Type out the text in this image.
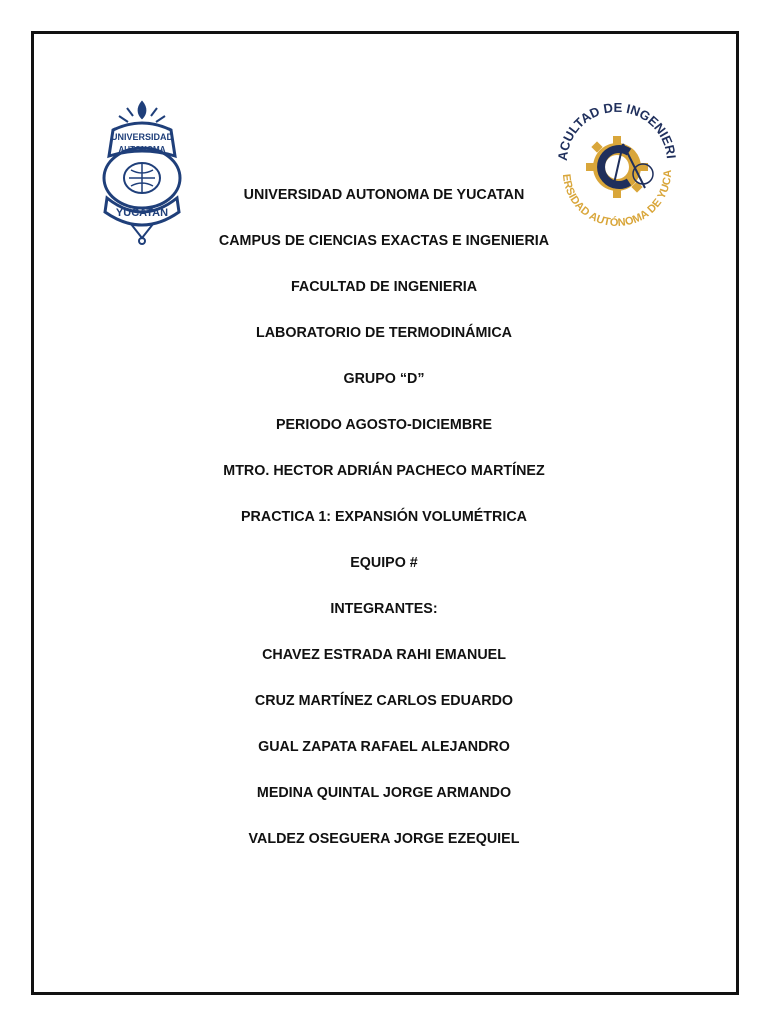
UNIVERSIDAD
AUTONOMA
YUCATAN
ACULTAD DE INGENIERI
ERSIDAD AUTÓNOMA DE YUCA
UNIVERSIDAD AUTONOMA DE YUCATAN
CAMPUS DE CIENCIAS EXACTAS E INGENIERIA
FACULTAD DE INGENIERIA
LABORATORIO DE TERMODINÁMICA
GRUPO “D”
PERIODO AGOSTO-DICIEMBRE
MTRO. HECTOR ADRIÁN PACHECO MARTÍNEZ
PRACTICA 1: EXPANSIÓN VOLUMÉTRICA
EQUIPO #
INTEGRANTES:
CHAVEZ ESTRADA RAHI EMANUEL
CRUZ MARTÍNEZ CARLOS EDUARDO
GUAL ZAPATA RAFAEL ALEJANDRO
MEDINA QUINTAL JORGE ARMANDO
VALDEZ OSEGUERA JORGE EZEQUIEL
